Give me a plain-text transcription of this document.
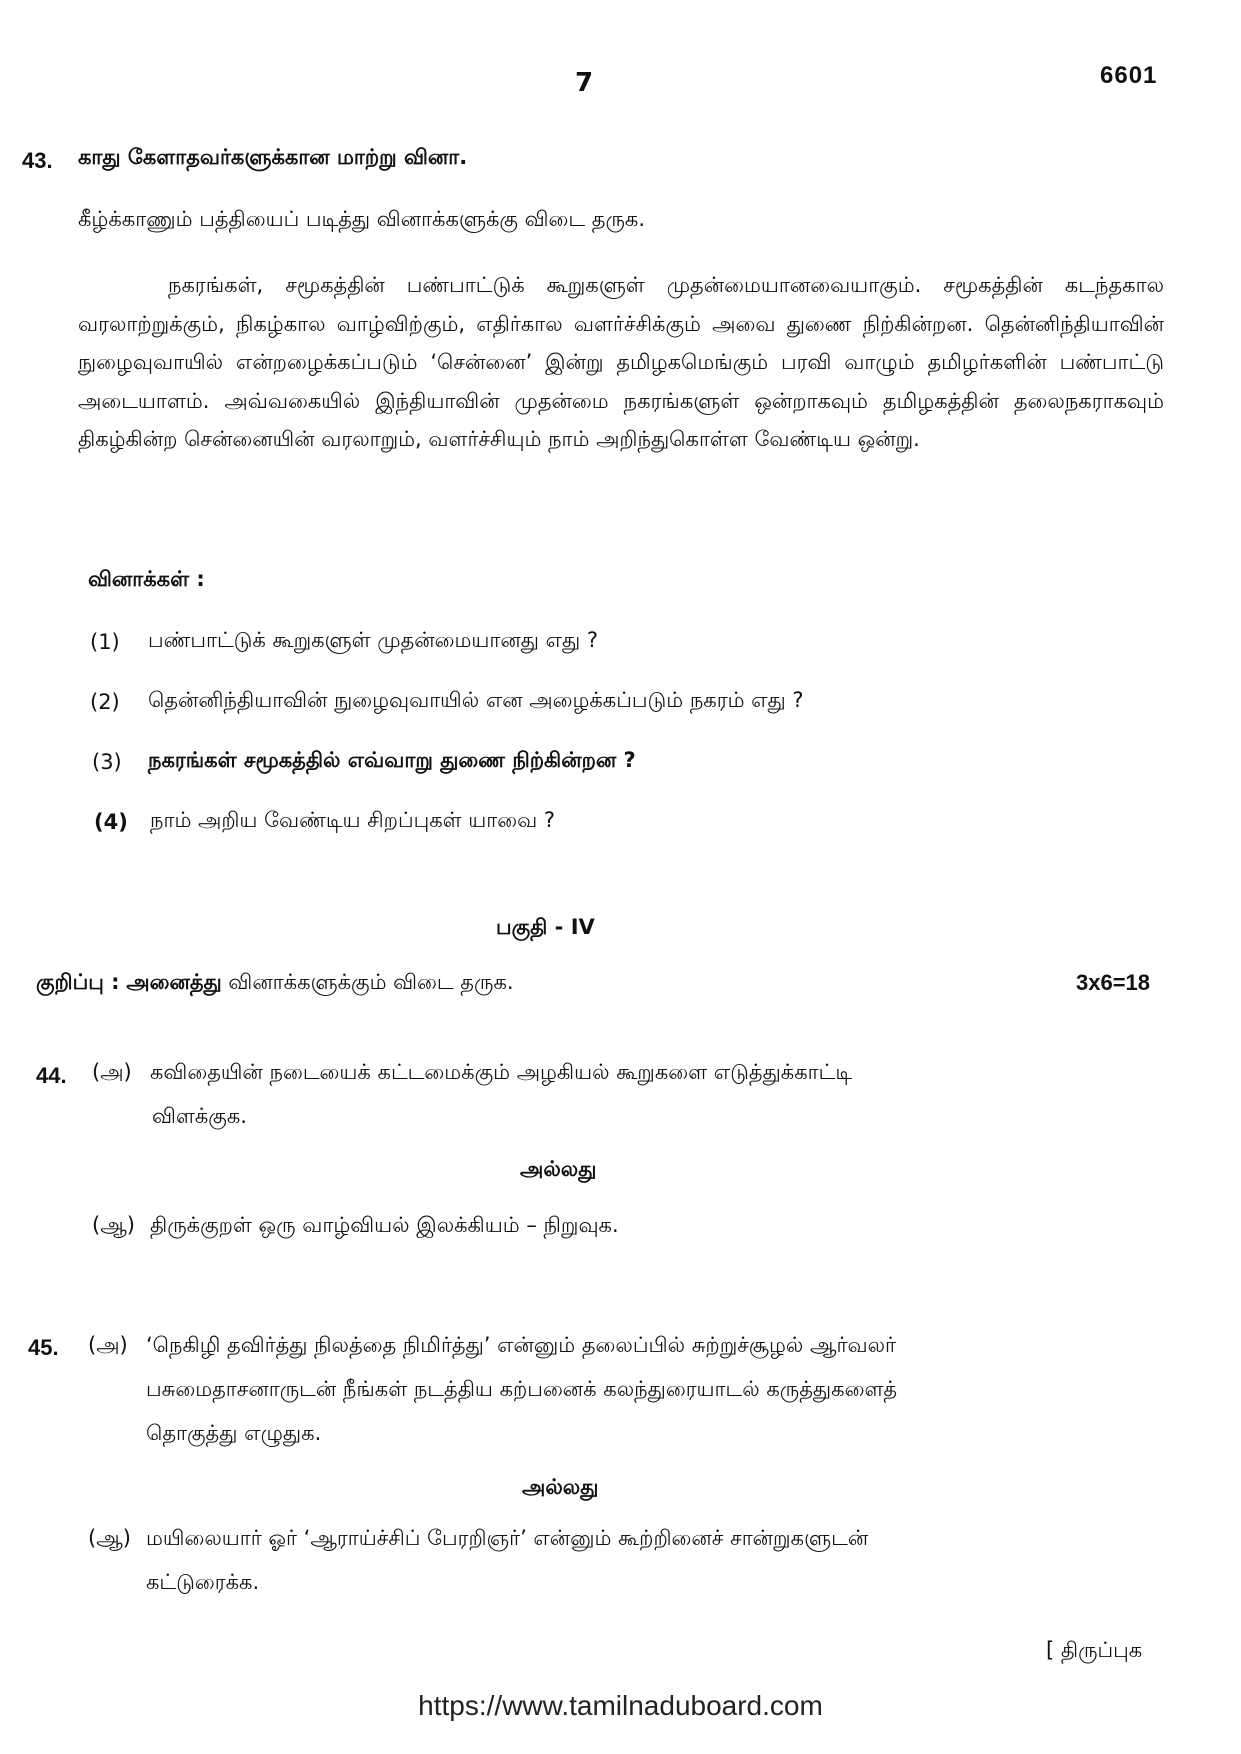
7	6601
43. காது கேளாதவர்களுக்கான மாற்று வினா.
கீழ்க்காணும் பத்தியைப் படித்து வினாக்களுக்கு விடை தருக.
நகரங்கள், சமூகத்தின் பண்பாட்டுக் கூறுகளுள் முதன்மையானவையாகும். சமூகத்தின் கடந்தகால வரலாற்றுக்கும், நிகழ்கால வாழ்விற்கும், எதிர்கால வளர்ச்சிக்கும் அவை துணை நிற்கின்றன. தென்னிந்தியாவின் நுழைவுவாயில் என்றழைக்கப்படும் ‘சென்னை’ இன்று தமிழகமெங்கும் பரவி வாழும் தமிழர்களின் பண்பாட்டு அடையாளம். அவ்வகையில் இந்தியாவின் முதன்மை நகரங்களுள் ஒன்றாகவும் தமிழகத்தின் தலைநகராகவும் திகழ்கின்ற சென்னையின் வரலாறும், வளர்ச்சியும் நாம் அறிந்துகொள்ள வேண்டிய ஒன்று.
வினாக்கள் :
(1) பண்பாட்டுக் கூறுகளுள் முதன்மையானது எது ?
(2) தென்னிந்தியாவின் நுழைவுவாயில் என அழைக்கப்படும் நகரம் எது ?
(3) நகரங்கள் சமூகத்தில் எவ்வாறு துணை நிற்கின்றன ?
(4) நாம் அறிய வேண்டிய சிறப்புகள் யாவை ?
பகுதி - IV
குறிப்பு : அனைத்து வினாக்களுக்கும் விடை தருக.	3x6=18
44. (அ) கவிதையின் நடையைக் கட்டமைக்கும் அழகியல் கூறுகளை எடுத்துக்காட்டி
விளக்குக.
அல்லது
(ஆ) திருக்குறள் ஒரு வாழ்வியல் இலக்கியம் – நிறுவுக.
45. (அ) ‘நெகிழி தவிர்த்து நிலத்தை நிமிர்த்து’ என்னும் தலைப்பில் சுற்றுச்சூழல் ஆர்வலர்
பசுமைதாசனாருடன் நீங்கள் நடத்திய கற்பனைக் கலந்துரையாடல் கருத்துகளைத்
தொகுத்து எழுதுக.
அல்லது
(ஆ) மயிலையார் ஓர் ‘ஆராய்ச்சிப் பேரறிஞர்’ என்னும் கூற்றினைச் சான்றுகளுடன்
கட்டுரைக்க.
[ திருப்புக
https://www.tamilnaduboard.com
